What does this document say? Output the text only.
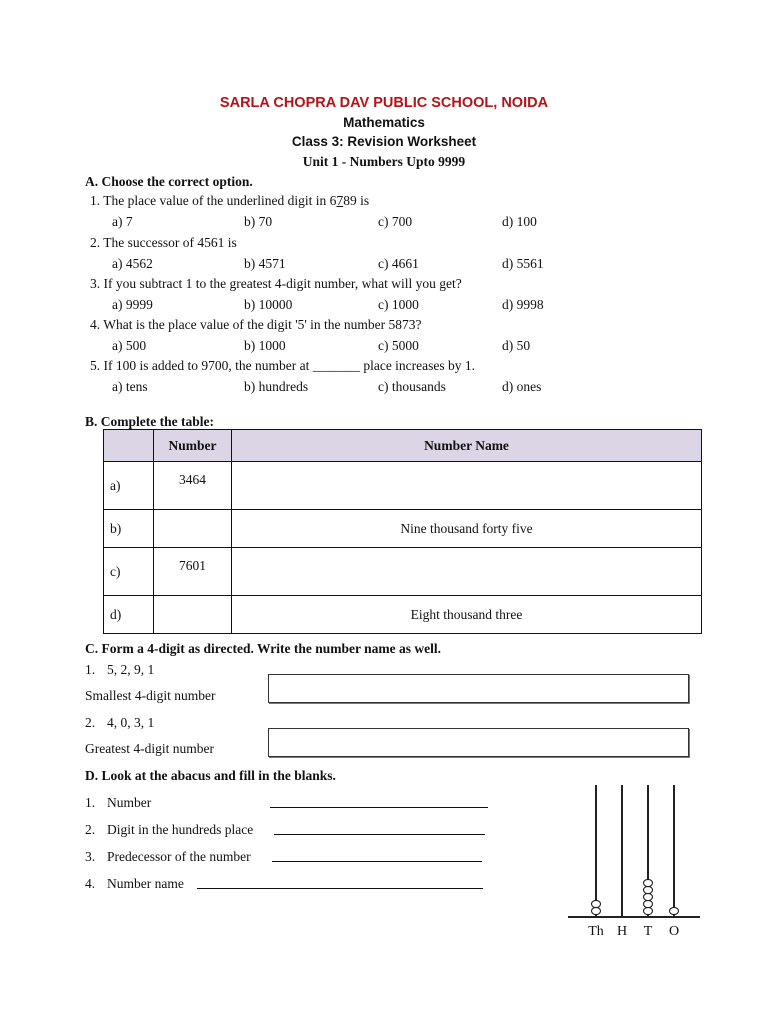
SARLA CHOPRA DAV PUBLIC SCHOOL, NOIDA
Mathematics
Class 3: Revision Worksheet
Unit 1 - Numbers Upto 9999
A. Choose the correct option.
1. The place value of the underlined digit in 6789 is
a) 7	b) 70	c) 700	d) 100
2. The successor of 4561 is
a) 4562	b) 4571	c) 4661	d) 5561
3. If you subtract 1 to the greatest 4-digit number, what will you get?
a) 9999	b) 10000	c) 1000	d) 9998
4. What is the place value of the digit '5' in the number 5873?
a) 500	b) 1000	c) 5000	d) 50
5. If 100 is added to 9700, the number at _______ place increases by 1.
a) tens	b) hundreds	c) thousands	d) ones
B. Complete the table:
	Number	Number Name
a)	3464	
b)		Nine thousand forty five
c)	7601	
d)		Eight thousand three
C. Form a 4-digit as directed. Write the number name as well.
1. 5, 2, 9, 1
Smallest 4-digit number
2. 4, 0, 3, 1
Greatest 4-digit number
D. Look at the abacus and fill in the blanks.
1. Number
2. Digit in the hundreds place
3. Predecessor of the number
4. Number name
Th H T O
